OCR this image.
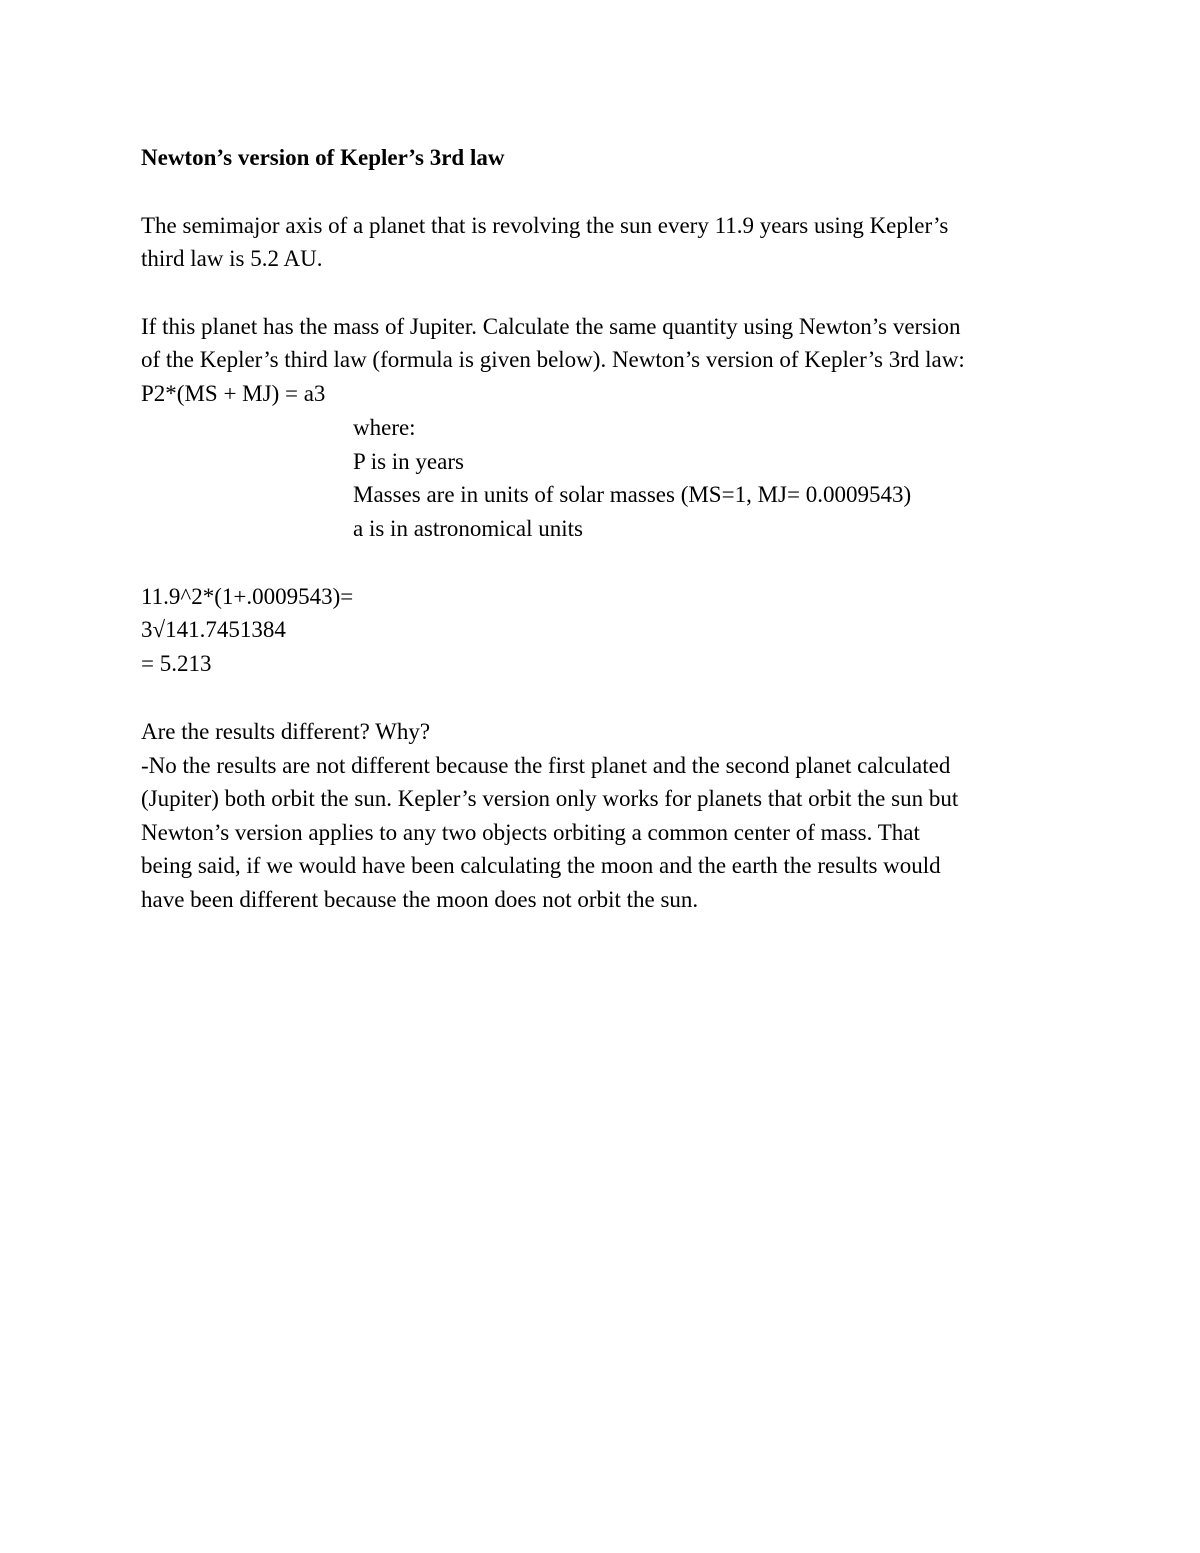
Newton’s version of Kepler’s 3rd law
The semimajor axis of a planet that is revolving the sun every 11.9 years using Kepler’s
third law is 5.2 AU.
If this planet has the mass of Jupiter. Calculate the same quantity using Newton’s version
of the Kepler’s third law (formula is given below). Newton’s version of Kepler’s 3rd law:
P2*(MS + MJ) = a3
where:
P is in years
Masses are in units of solar masses (MS=1, MJ= 0.0009543)
a is in astronomical units
11.9^2*(1+.0009543)=
3√141.7451384
= 5.213
Are the results different? Why?
-No the results are not different because the first planet and the second planet calculated
(Jupiter) both orbit the sun. Kepler’s version only works for planets that orbit the sun but
Newton’s version applies to any two objects orbiting a common center of mass. That
being said, if we would have been calculating the moon and the earth the results would
have been different because the moon does not orbit the sun.
